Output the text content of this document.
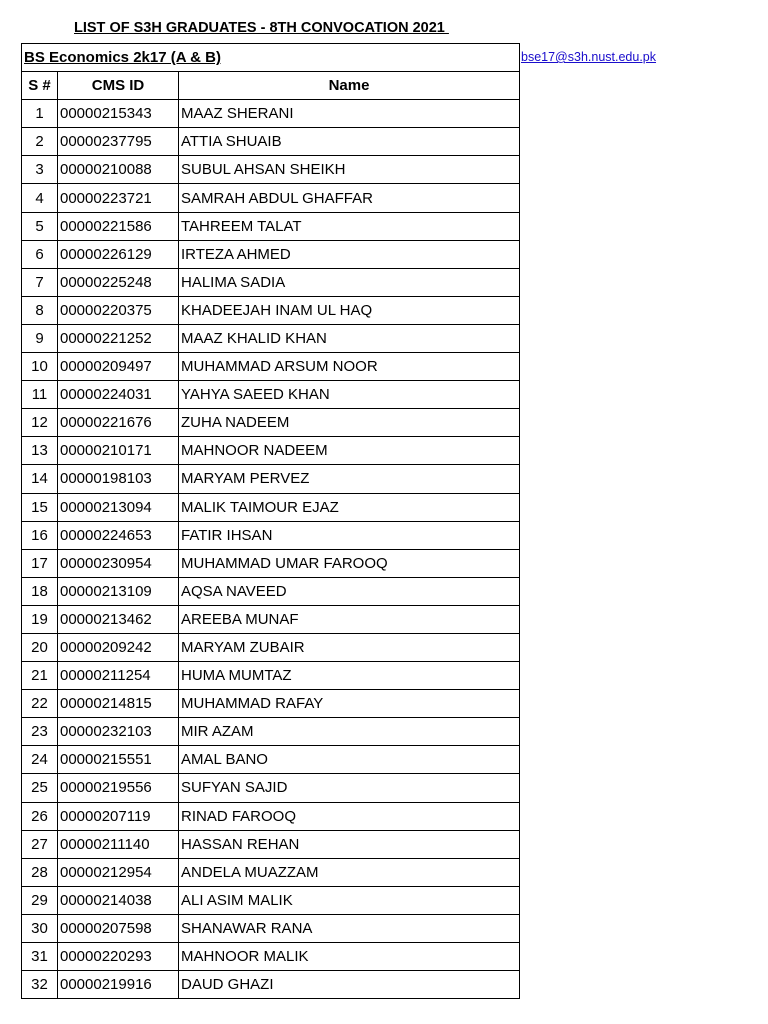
LIST OF S3H GRADUATES - 8TH CONVOCATION 2021
bse17@s3h.nust.edu.pk
BS Economics 2k17 (A & B)		
S #	CMS ID	Name
1	00000215343	MAAZ SHERANI
2	00000237795	ATTIA SHUAIB
3	00000210088	SUBUL AHSAN SHEIKH
4	00000223721	SAMRAH ABDUL GHAFFAR
5	00000221586	TAHREEM TALAT
6	00000226129	IRTEZA AHMED
7	00000225248	HALIMA SADIA
8	00000220375	KHADEEJAH INAM UL HAQ
9	00000221252	MAAZ KHALID KHAN
10	00000209497	MUHAMMAD ARSUM NOOR
11	00000224031	YAHYA SAEED KHAN
12	00000221676	ZUHA NADEEM
13	00000210171	MAHNOOR NADEEM
14	00000198103	MARYAM PERVEZ
15	00000213094	MALIK TAIMOUR EJAZ
16	00000224653	FATIR IHSAN
17	00000230954	MUHAMMAD UMAR FAROOQ
18	00000213109	AQSA NAVEED
19	00000213462	AREEBA MUNAF
20	00000209242	MARYAM ZUBAIR
21	00000211254	HUMA MUMTAZ
22	00000214815	MUHAMMAD RAFAY
23	00000232103	MIR AZAM
24	00000215551	AMAL BANO
25	00000219556	SUFYAN SAJID
26	00000207119	RINAD FAROOQ
27	00000211140	HASSAN REHAN
28	00000212954	ANDELA MUAZZAM
29	00000214038	ALI ASIM MALIK
30	00000207598	SHANAWAR RANA
31	00000220293	MAHNOOR MALIK
32	00000219916	DAUD GHAZI
